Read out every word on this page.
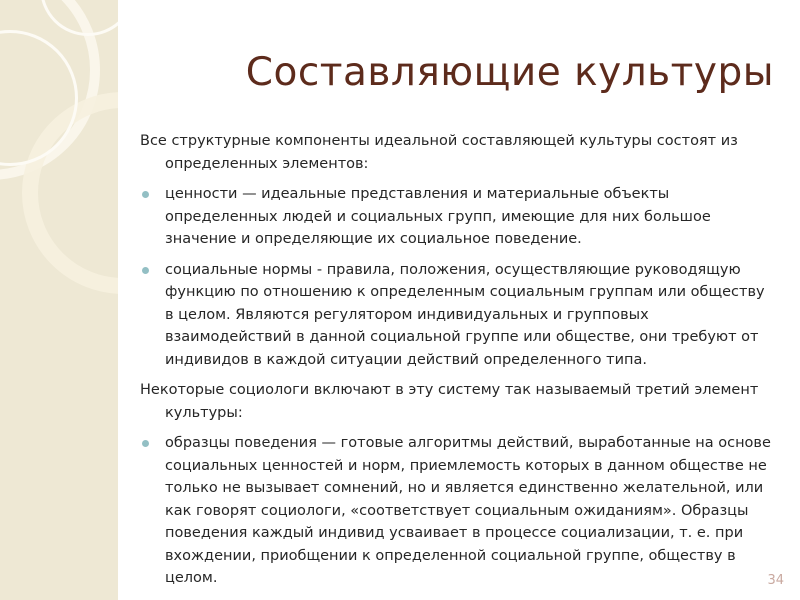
Составляющие культуры

Все структурные компоненты идеальной составляющей культуры состоят из определенных элементов:

ценности — идеальные представления и материальные объекты определенных людей и социальных групп, имеющие для них большое значение и определяющие их социальное поведение.
социальные нормы - правила, положения, осуществляющие руководящую функцию по отношению к определенным социальным группам или обществу в целом. Являются регулятором индивидуальных и групповых взаимодействий в данной социальной группе или обществе, они требуют от индивидов в каждой ситуации действий определенного типа.

Некоторые социологи включают в эту систему так называемый третий элемент культуры:

образцы поведения — готовые алгоритмы действий, выработанные на основе социальных ценностей и норм, приемлемость которых в данном обществе не только не вызывает сомнений, но и является единственно желательной, или как говорят социологи, «соответствует социальным ожиданиям». Образцы поведения каждый индивид усваивает в процессе социализации, т. е. при вхождении, приобщении к определенной социальной группе, обществу в целом.	34
